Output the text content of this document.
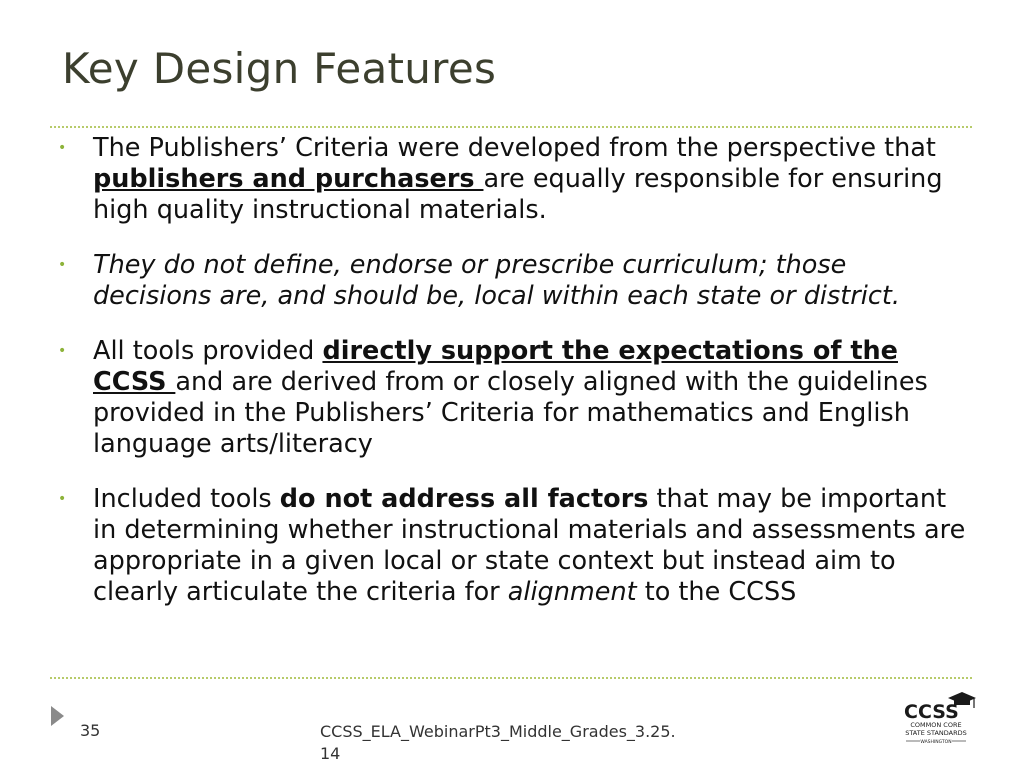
Key Design Features
• The Publishers’ Criteria were developed from the perspective that publishers and purchasers are equally responsible for ensuring high quality instructional materials.
• They do not define, endorse or prescribe curriculum; those decisions are, and should be, local within each state or district.
• All tools provided directly support the expectations of the CCSS and are derived from or closely aligned with the guidelines provided in the Publishers’ Criteria for mathematics and English language arts/literacy
• Included tools do not address all factors that may be important in determining whether instructional materials and assessments are appropriate in a given local or state context but instead aim to clearly articulate the criteria for alignment to the CCSS
35	CCSS_ELA_WebinarPt3_Middle_Grades_3.25.
14
CCSS
COMMON CORE
STATE STANDARDS
WASHINGTON
